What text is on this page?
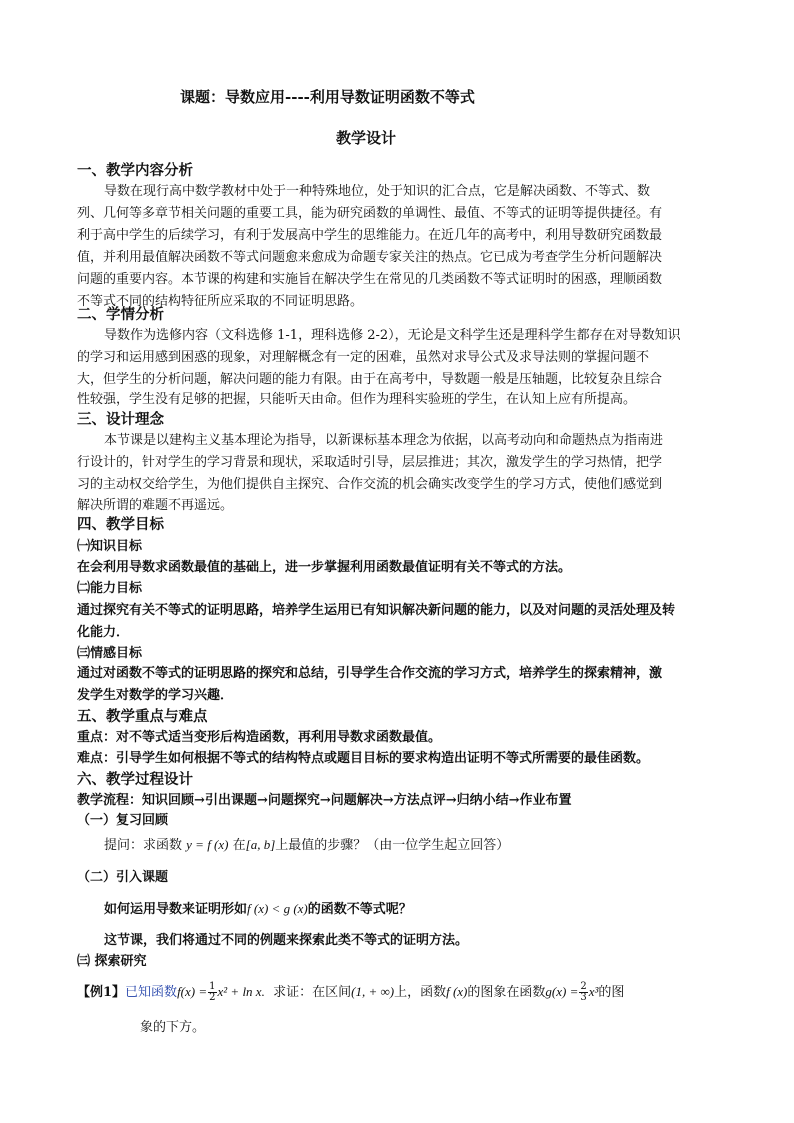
课题：导数应用----利用导数证明函数不等式
教学设计
一、教学内容分析
导数在现行高中数学教材中处于一种特殊地位，处于知识的汇合点，它是解决函数、不等式、数
列、几何等多章节相关问题的重要工具，能为研究函数的单调性、最值、不等式的证明等提供捷径。有
利于高中学生的后续学习，有利于发展高中学生的思维能力。在近几年的高考中，利用导数研究函数最
值，并利用最值解决函数不等式问题愈来愈成为命题专家关注的热点。它已成为考查学生分析问题解决
问题的重要内容。本节课的构建和实施旨在解决学生在常见的几类函数不等式证明时的困惑，理顺函数
不等式不同的结构特征所应采取的不同证明思路。
二、学情分析
导数作为选修内容（文科选修 1-1，理科选修 2-2），无论是文科学生还是理科学生都存在对导数知识
的学习和运用感到困惑的现象，对理解概念有一定的困难，虽然对求导公式及求导法则的掌握问题不
大，但学生的分析问题，解决问题的能力有限。由于在高考中，导数题一般是压轴题，比较复杂且综合
性较强，学生没有足够的把握，只能听天由命。但作为理科实验班的学生，在认知上应有所提高。
三、设计理念
本节课是以建构主义基本理论为指导，以新课标基本理念为依据，以高考动向和命题热点为指南进
行设计的，针对学生的学习背景和现状，采取适时引导，层层推进；其次，激发学生的学习热情，把学
习的主动权交给学生，为他们提供自主探究、合作交流的机会确实改变学生的学习方式，使他们感觉到
解决所谓的难题不再遥远。
四、教学目标
㈠知识目标
在会利用导数求函数最值的基础上，进一步掌握利用函数最值证明有关不等式的方法。
㈡能力目标
通过探究有关不等式的证明思路，培养学生运用已有知识解决新问题的能力，以及对问题的灵活处理及转
化能力．
㈢情感目标
通过对函数不等式的证明思路的探究和总结，引导学生合作交流的学习方式，培养学生的探索精神，激
发学生对数学的学习兴趣．
五、教学重点与难点
重点：对不等式适当变形后构造函数，再利用导数求函数最值。
难点：引导学生如何根据不等式的结构特点或题目目标的要求构造出证明不等式所需要的最佳函数。
六、教学过程设计
教学流程：知识回顾→引出课题→问题探究→问题解决→方法点评→归纳小结→作业布置
（一）复习回顾
提问：求函数 y = f (x) 在[a, b]上最值的步骤？（由一位学生起立回答）
（二）引入课题
如何运用导数来证明形如f (x) < g (x)的函数不等式呢？
这节课，我们将通过不同的例题来探索此类不等式的证明方法。
㈢ 探索研究
【例1】已知函数$f(x) = \frac{1}{2} x^2 + \ln x$. 求证：在区间(1, + ∞)上，函数f (x)的图象在函数$g(x) = \frac{2}{3} x^3$的图
象的下方。
